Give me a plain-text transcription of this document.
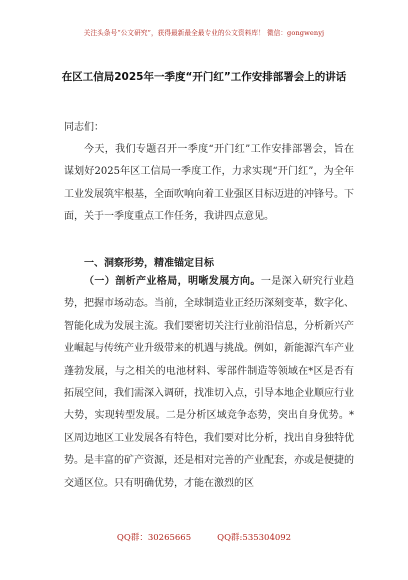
关注头条号“公文研究”，获得最新最全最专业的公文资料库！ 微信：gongwenyj
在区工信局2025年一季度“开门红”工作安排部署会上的讲话
同志们：
今天，我们专题召开一季度“开门红”工作安排部署会，旨在谋划好2025年区工信局一季度工作，力求实现“开门红”，为全年工业发展筑牢根基，全面吹响向着工业强区目标迈进的冲锋号。下面，关于一季度重点工作任务，我讲四点意见。
一、洞察形势，精准锚定目标
（一）剖析产业格局，明晰发展方向。一是深入研究行业趋势，把握市场动态。当前，全球制造业正经历深刻变革，数字化、智能化成为发展主流。我们要密切关注行业前沿信息，分析新兴产业崛起与传统产业升级带来的机遇与挑战。例如，新能源汽车产业蓬勃发展，与之相关的电池材料、零部件制造等领域在*区是否有拓展空间，我们需深入调研，找准切入点，引导本地企业顺应行业大势，实现转型发展。二是分析区域竞争态势，突出自身优势。*区周边地区工业发展各有特色，我们要对比分析，找出自身独特优势。是丰富的矿产资源，还是相对完善的产业配套，亦或是便捷的交通区位。只有明确优势，才能在激烈的区
QQ群：30265665	QQ群:535304092
